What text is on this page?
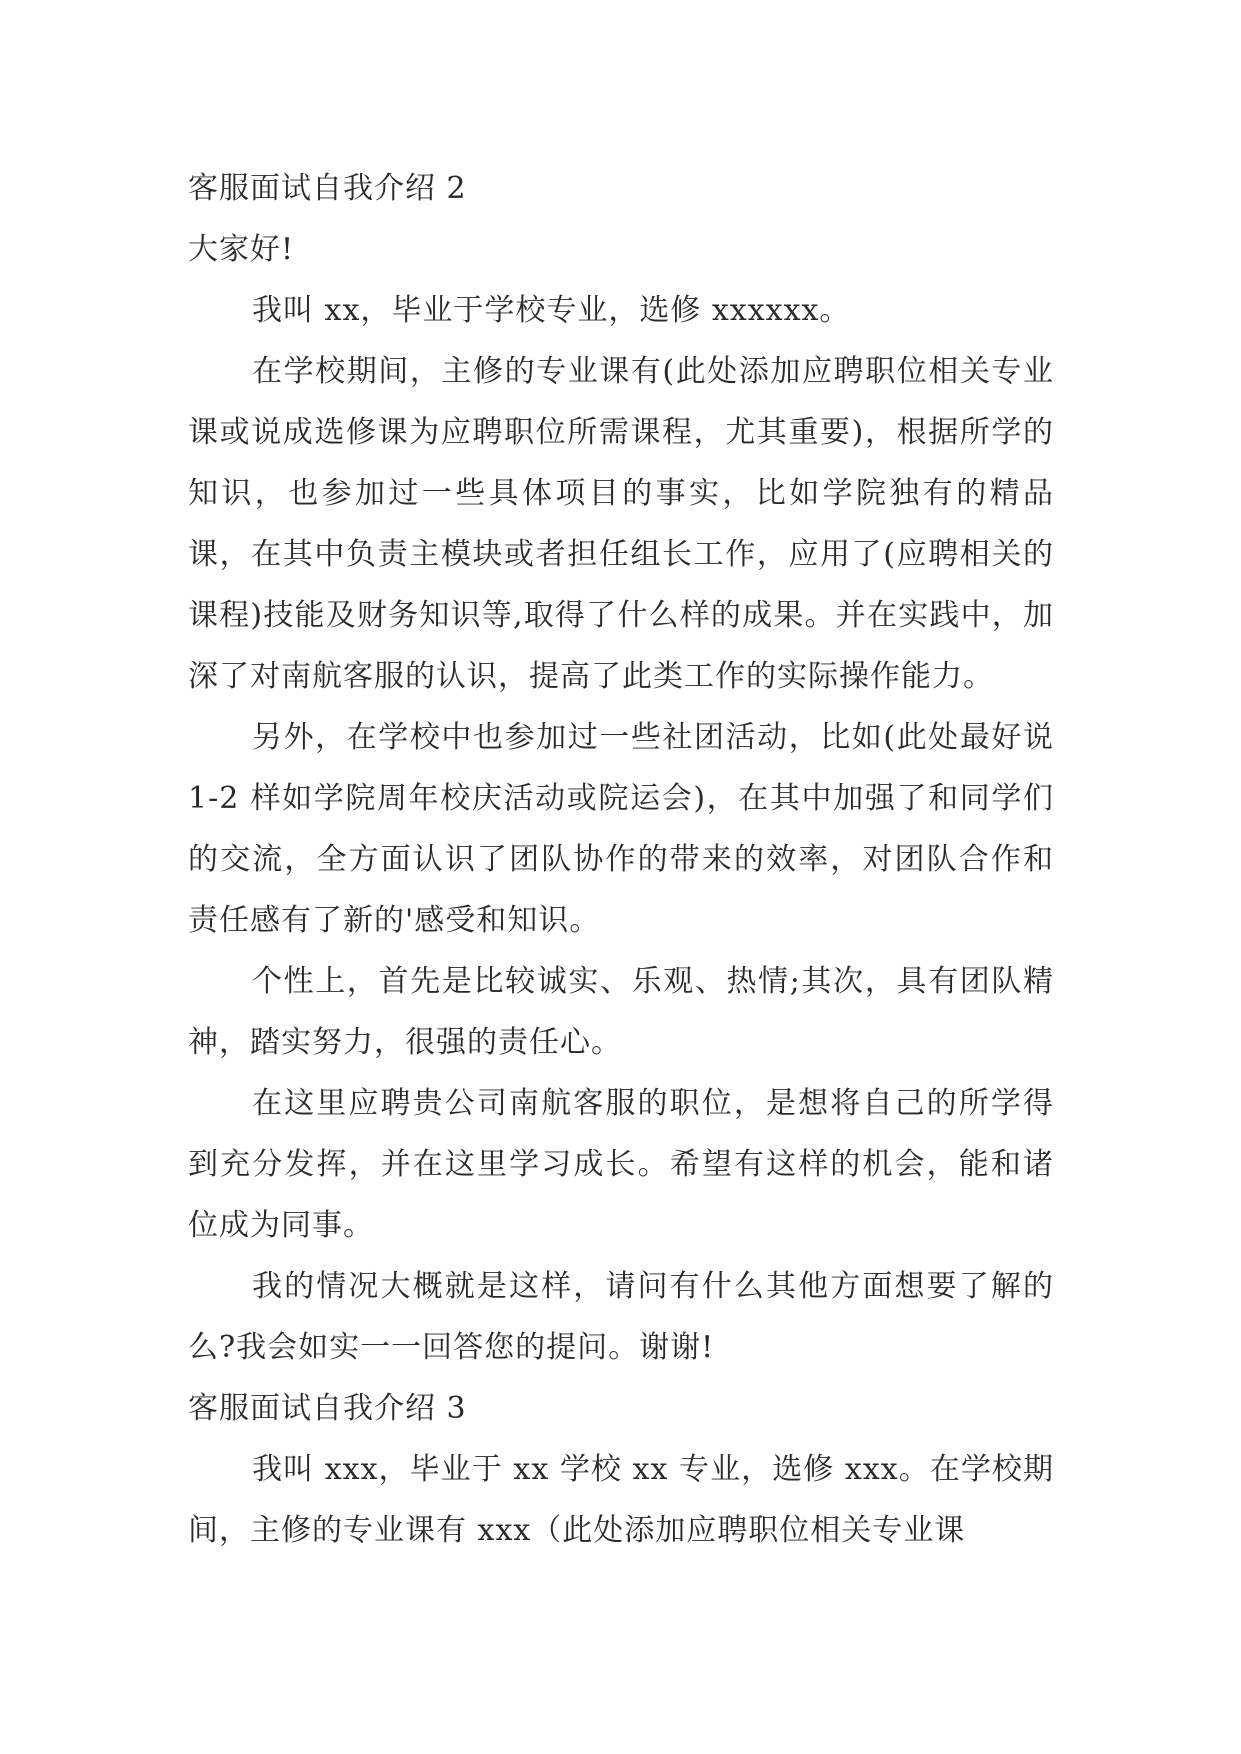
客服面试自我介绍 2

大家好!

我叫 xx，毕业于学校专业，选修 xxxxxx。

在学校期间，主修的专业课有(此处添加应聘职位相关专业课或说成选修课为应聘职位所需课程，尤其重要)，根据所学的知识，也参加过一些具体项目的事实，比如学院独有的精品课，在其中负责主模块或者担任组长工作，应用了(应聘相关的课程)技能及财务知识等,取得了什么样的成果。并在实践中，加深了对南航客服的认识，提高了此类工作的实际操作能力。

另外，在学校中也参加过一些社团活动，比如(此处最好说 1-2 样如学院周年校庆活动或院运会)，在其中加强了和同学们的交流，全方面认识了团队协作的带来的效率，对团队合作和责任感有了新的'感受和知识。

个性上，首先是比较诚实、乐观、热情;其次，具有团队精神，踏实努力，很强的责任心。

在这里应聘贵公司南航客服的职位，是想将自己的所学得到充分发挥，并在这里学习成长。希望有这样的机会，能和诸位成为同事。

我的情况大概就是这样，请问有什么其他方面想要了解的么?我会如实一一回答您的提问。谢谢!

客服面试自我介绍 3

我叫 xxx，毕业于 xx 学校 xx 专业，选修 xxx。在学校期间，主修的专业课有 xxx（此处添加应聘职位相关专业课
